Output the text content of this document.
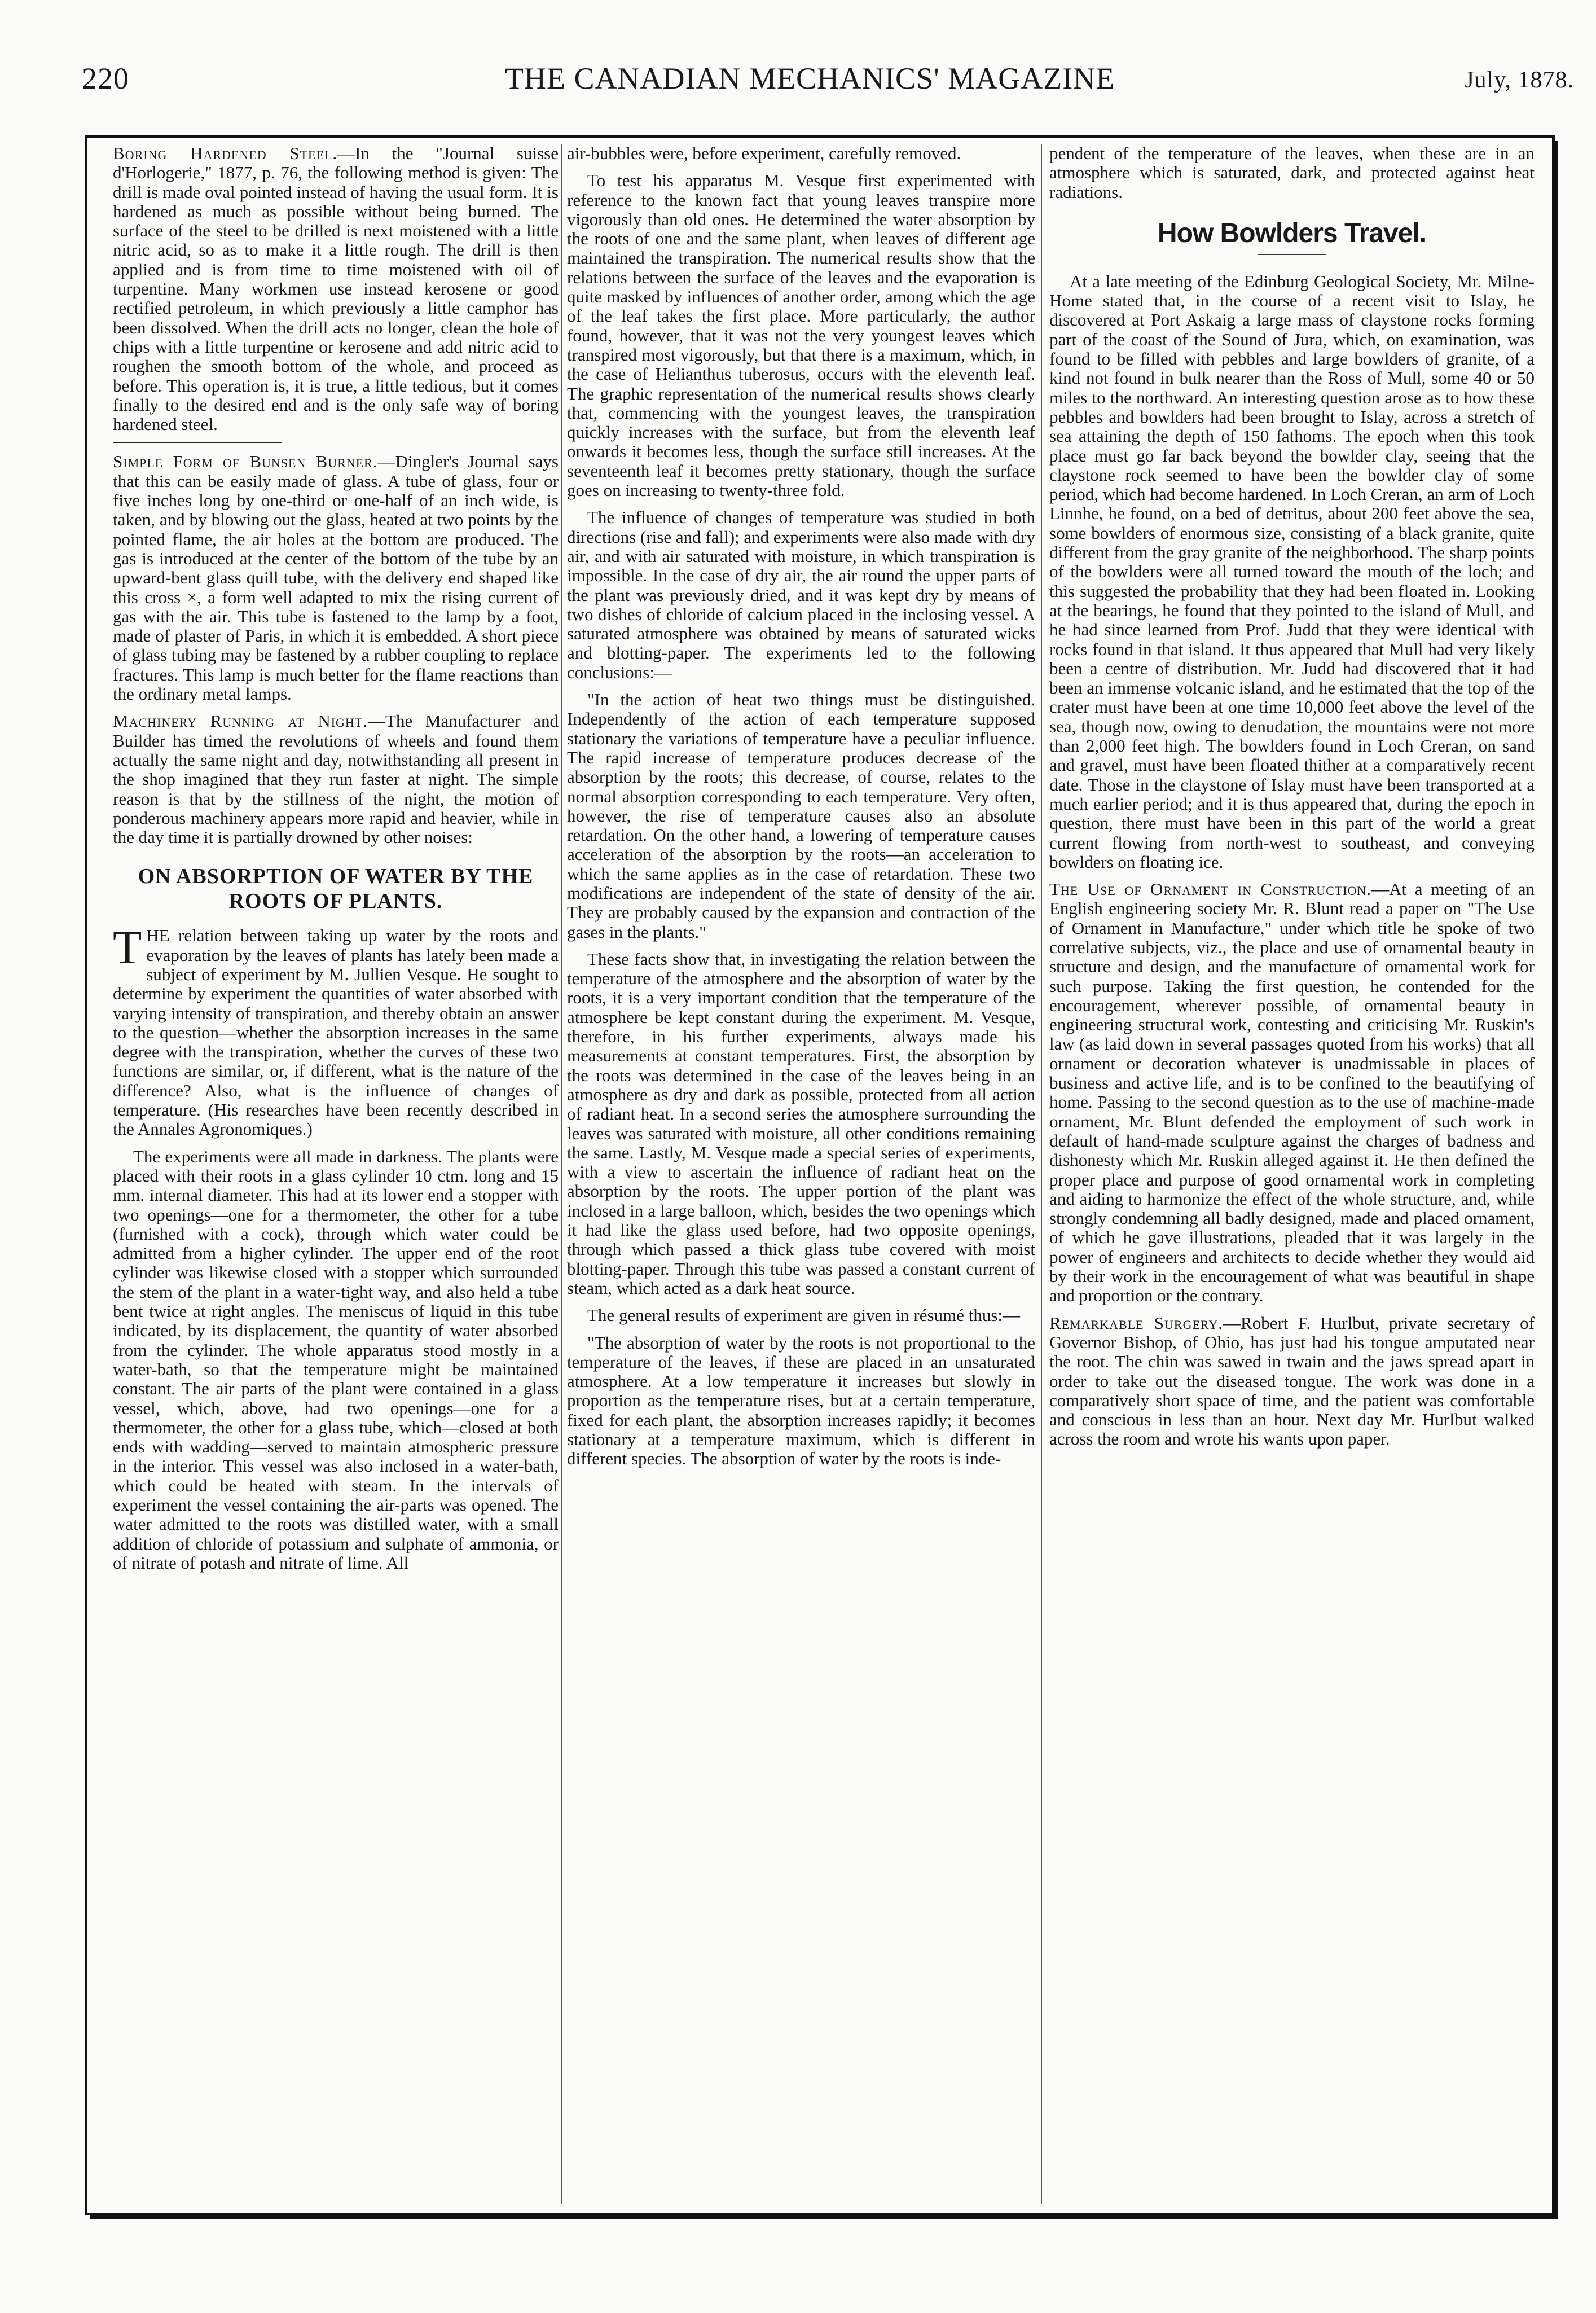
220	THE CANADIAN MECHANICS' MAGAZINE	July, 1878.

Boring Hardened Steel.—In the "Journal suisse d'Horlogerie," 1877, p. 76, the following method is given: The drill is made oval pointed instead of having the usual form. It is hardened as much as possible without being burned. The surface of the steel to be drilled is next moistened with a little nitric acid, so as to make it a little rough. The drill is then applied and is from time to time moistened with oil of turpentine. Many workmen use instead kerosene or good rectified petroleum, in which previously a little camphor has been dissolved. When the drill acts no longer, clean the hole of chips with a little turpentine or kerosene and add nitric acid to roughen the smooth bottom of the whole, and proceed as before. This operation is, it is true, a little tedious, but it comes finally to the desired end and is the only safe way of boring hardened steel.

Simple Form of Bunsen Burner.—Dingler's Journal says that this can be easily made of glass. A tube of glass, four or five inches long by one-third or one-half of an inch wide, is taken, and by blowing out the glass, heated at two points by the pointed flame, the air holes at the bottom are produced. The gas is introduced at the center of the bottom of the tube by an upward-bent glass quill tube, with the delivery end shaped like this cross ×, a form well adapted to mix the rising current of gas with the air. This tube is fastened to the lamp by a foot, made of plaster of Paris, in which it is embedded. A short piece of glass tubing may be fastened by a rubber coupling to replace fractures. This lamp is much better for the flame reactions than the ordinary metal lamps.

Machinery Running at Night.—The Manufacturer and Builder has timed the revolutions of wheels and found them actually the same night and day, notwithstanding all present in the shop imagined that they run faster at night. The simple reason is that by the stillness of the night, the motion of ponderous machinery appears more rapid and heavier, while in the day time it is partially drowned by other noises:

ON ABSORPTION OF WATER BY THE ROOTS OF PLANTS.

THE relation between taking up water by the roots and evaporation by the leaves of plants has lately been made a subject of experiment by M. Jullien Vesque. He sought to determine by experiment the quantities of water absorbed with varying intensity of transpiration, and thereby obtain an answer to the question—whether the absorption increases in the same degree with the transpiration, whether the curves of these two functions are similar, or, if different, what is the nature of the difference? Also, what is the influence of changes of temperature. (His researches have been recently described in the Annales Agronomiques.)

The experiments were all made in darkness. The plants were placed with their roots in a glass cylinder 10 ctm. long and 15 mm. internal diameter. This had at its lower end a stopper with two openings—one for a thermometer, the other for a tube (furnished with a cock), through which water could be admitted from a higher cylinder. The upper end of the root cylinder was likewise closed with a stopper which surrounded the stem of the plant in a water-tight way, and also held a tube bent twice at right angles. The meniscus of liquid in this tube indicated, by its displacement, the quantity of water absorbed from the cylinder. The whole apparatus stood mostly in a water-bath, so that the temperature might be maintained constant. The air parts of the plant were contained in a glass vessel, which, above, had two openings—one for a thermometer, the other for a glass tube, which—closed at both ends with wadding—served to maintain atmospheric pressure in the interior. This vessel was also inclosed in a water-bath, which could be heated with steam. In the intervals of experiment the vessel containing the air-parts was opened. The water admitted to the roots was distilled water, with a small addition of chloride of potassium and sulphate of ammonia, or of nitrate of potash and nitrate of lime. All

air-bubbles were, before experiment, carefully removed.

To test his apparatus M. Vesque first experimented with reference to the known fact that young leaves transpire more vigorously than old ones. He determined the water absorption by the roots of one and the same plant, when leaves of different age maintained the transpiration. The numerical results show that the relations between the surface of the leaves and the evaporation is quite masked by influences of another order, among which the age of the leaf takes the first place. More particularly, the author found, however, that it was not the very youngest leaves which transpired most vigorously, but that there is a maximum, which, in the case of Helianthus tuberosus, occurs with the eleventh leaf. The graphic representation of the numerical results shows clearly that, commencing with the youngest leaves, the transpiration quickly increases with the surface, but from the eleventh leaf onwards it becomes less, though the surface still increases. At the seventeenth leaf it becomes pretty stationary, though the surface goes on increasing to twenty-three fold.

The influence of changes of temperature was studied in both directions (rise and fall); and experiments were also made with dry air, and with air saturated with moisture, in which transpiration is impossible. In the case of dry air, the air round the upper parts of the plant was previously dried, and it was kept dry by means of two dishes of chloride of calcium placed in the inclosing vessel. A saturated atmosphere was obtained by means of saturated wicks and blotting-paper. The experiments led to the following conclusions:—

"In the action of heat two things must be distinguished. Independently of the action of each temperature supposed stationary the variations of temperature have a peculiar influence. The rapid increase of temperature produces decrease of the absorption by the roots; this decrease, of course, relates to the normal absorption corresponding to each temperature. Very often, however, the rise of temperature causes also an absolute retardation. On the other hand, a lowering of temperature causes acceleration of the absorption by the roots—an acceleration to which the same applies as in the case of retardation. These two modifications are independent of the state of density of the air. They are probably caused by the expansion and contraction of the gases in the plants."

These facts show that, in investigating the relation between the temperature of the atmosphere and the absorption of water by the roots, it is a very important condition that the temperature of the atmosphere be kept constant during the experiment. M. Vesque, therefore, in his further experiments, always made his measurements at constant temperatures. First, the absorption by the roots was determined in the case of the leaves being in an atmosphere as dry and dark as possible, protected from all action of radiant heat. In a second series the atmosphere surrounding the leaves was saturated with moisture, all other conditions remaining the same. Lastly, M. Vesque made a special series of experiments, with a view to ascertain the influence of radiant heat on the absorption by the roots. The upper portion of the plant was inclosed in a large balloon, which, besides the two openings which it had like the glass used before, had two opposite openings, through which passed a thick glass tube covered with moist blotting-paper. Through this tube was passed a constant current of steam, which acted as a dark heat source.

The general results of experiment are given in résumé thus:—

"The absorption of water by the roots is not proportional to the temperature of the leaves, if these are placed in an unsaturated atmosphere. At a low temperature it increases but slowly in proportion as the temperature rises, but at a certain temperature, fixed for each plant, the absorption increases rapidly; it becomes stationary at a temperature maximum, which is different in different species. The absorption of water by the roots is inde-

pendent of the temperature of the leaves, when these are in an atmosphere which is saturated, dark, and protected against heat radiations.

How Bowlders Travel.

At a late meeting of the Edinburg Geological Society, Mr. Milne-Home stated that, in the course of a recent visit to Islay, he discovered at Port Askaig a large mass of claystone rocks forming part of the coast of the Sound of Jura, which, on examination, was found to be filled with pebbles and large bowlders of granite, of a kind not found in bulk nearer than the Ross of Mull, some 40 or 50 miles to the northward. An interesting question arose as to how these pebbles and bowlders had been brought to Islay, across a stretch of sea attaining the depth of 150 fathoms. The epoch when this took place must go far back beyond the bowlder clay, seeing that the claystone rock seemed to have been the bowlder clay of some period, which had become hardened. In Loch Creran, an arm of Loch Linnhe, he found, on a bed of detritus, about 200 feet above the sea, some bowlders of enormous size, consisting of a black granite, quite different from the gray granite of the neighborhood. The sharp points of the bowlders were all turned toward the mouth of the loch; and this suggested the probability that they had been floated in. Looking at the bearings, he found that they pointed to the island of Mull, and he had since learned from Prof. Judd that they were identical with rocks found in that island. It thus appeared that Mull had very likely been a centre of distribution. Mr. Judd had discovered that it had been an immense volcanic island, and he estimated that the top of the crater must have been at one time 10,000 feet above the level of the sea, though now, owing to denudation, the mountains were not more than 2,000 feet high. The bowlders found in Loch Creran, on sand and gravel, must have been floated thither at a comparatively recent date. Those in the claystone of Islay must have been transported at a much earlier period; and it is thus appeared that, during the epoch in question, there must have been in this part of the world a great current flowing from north-west to southeast, and conveying bowlders on floating ice.

The Use of Ornament in Construction.—At a meeting of an English engineering society Mr. R. Blunt read a paper on "The Use of Ornament in Manufacture," under which title he spoke of two correlative subjects, viz., the place and use of ornamental beauty in structure and design, and the manufacture of ornamental work for such purpose. Taking the first question, he contended for the encouragement, wherever possible, of ornamental beauty in engineering structural work, contesting and criticising Mr. Ruskin's law (as laid down in several passages quoted from his works) that all ornament or decoration whatever is unadmissable in places of business and active life, and is to be confined to the beautifying of home. Passing to the second question as to the use of machine-made ornament, Mr. Blunt defended the employment of such work in default of hand-made sculpture against the charges of badness and dishonesty which Mr. Ruskin alleged against it. He then defined the proper place and purpose of good ornamental work in completing and aiding to harmonize the effect of the whole structure, and, while strongly condemning all badly designed, made and placed ornament, of which he gave illustrations, pleaded that it was largely in the power of engineers and architects to decide whether they would aid by their work in the encouragement of what was beautiful in shape and proportion or the contrary.

Remarkable Surgery.—Robert F. Hurlbut, private secretary of Governor Bishop, of Ohio, has just had his tongue amputated near the root. The chin was sawed in twain and the jaws spread apart in order to take out the diseased tongue. The work was done in a comparatively short space of time, and the patient was comfortable and conscious in less than an hour. Next day Mr. Hurlbut walked across the room and wrote his wants upon paper.
